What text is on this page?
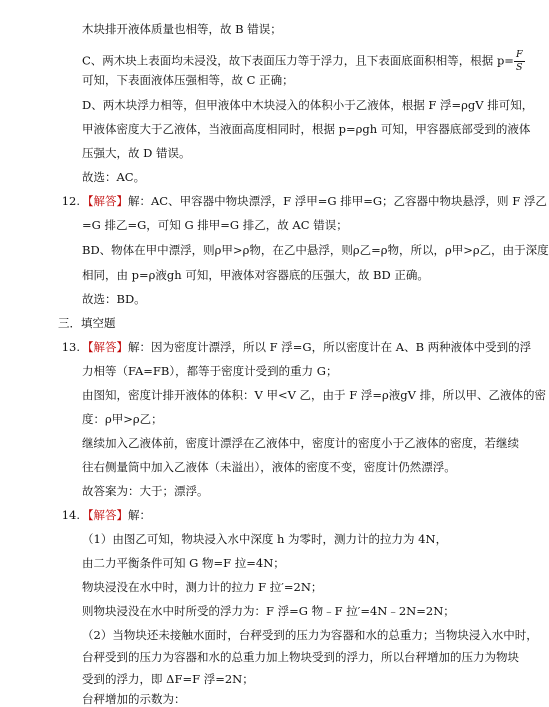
木块排开液体质量也相等，故 B 错误；
C、两木块上表面均未浸没，故下表面压力等于浮力，且下表面底面积相等，根据 $p= \frac{F}{S}$
可知，下表面液体压强相等，故 C 正确；
D、两木块浮力相等，但甲液体中木块浸入的体积小于乙液体，根据 F 浮=ρgV 排可知，
甲液体密度大于乙液体，当液面高度相同时，根据 p=ρgh 可知，甲容器底部受到的液体
压强大，故 D 错误。
故选：AC。
12. 【解答】解：AC、甲容器中物块漂浮，F 浮甲=G 排甲=G；乙容器中物块悬浮，则 F 浮乙
=G 排乙=G，可知 G 排甲=G 排乙，故 AC 错误；
BD、物体在甲中漂浮，则ρ甲>ρ物，在乙中悬浮，则ρ乙=ρ物，所以，ρ甲>ρ乙，由于深度
相同，由 p=ρ液gh 可知，甲液体对容器底的压强大，故 BD 正确。
故选：BD。
三．填空题
13. 【解答】解：因为密度计漂浮，所以 F 浮=G，所以密度计在 A、B 两种液体中受到的浮
力相等（FA=FB），都等于密度计受到的重力 G；
由图知，密度计排开液体的体积：V 甲<V 乙，由于 F 浮=ρ液gV 排，所以甲、乙液体的密
度：ρ甲>ρ乙；
继续加入乙液体前，密度计漂浮在乙液体中，密度计的密度小于乙液体的密度，若继续
往右侧量筒中加入乙液体（未溢出），液体的密度不变，密度计仍然漂浮。
故答案为：大于；漂浮。
14. 【解答】解：
（1）由图乙可知，物块浸入水中深度 h 为零时，测力计的拉力为 4N，
由二力平衡条件可知 G 物=F 拉=4N；
物块浸没在水中时，测力计的拉力 F 拉′=2N；
则物块浸没在水中时所受的浮力为：F 浮=G 物﹣F 拉′=4N﹣2N=2N；
（2）当物块还未接触水面时，台秤受到的压力为容器和水的总重力；当物块浸入水中时，
台秤受到的压力为容器和水的总重力加上物块受到的浮力，所以台秤增加的压力为物块
受到的浮力，即 ΔF=F 浮=2N；
台秤增加的示数为：
